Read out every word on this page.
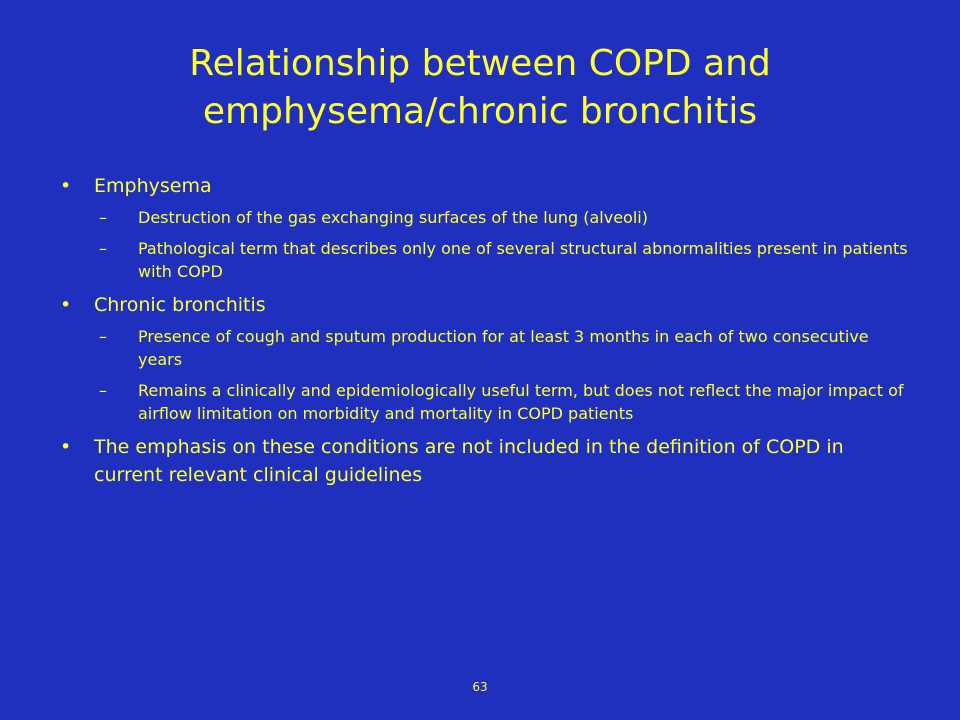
Relationship between COPD and
emphysema/chronic bronchitis
• Emphysema
– Destruction of the gas exchanging surfaces of the lung (alveoli)
– Pathological term that describes only one of several structural abnormalities present in patients with COPD
• Chronic bronchitis
– Presence of cough and sputum production for at least 3 months in each of two consecutive years
– Remains a clinically and epidemiologically useful term, but does not reflect the major impact of airflow limitation on morbidity and mortality in COPD patients
• The emphasis on these conditions are not included in the definition of COPD in current relevant clinical guidelines
63
